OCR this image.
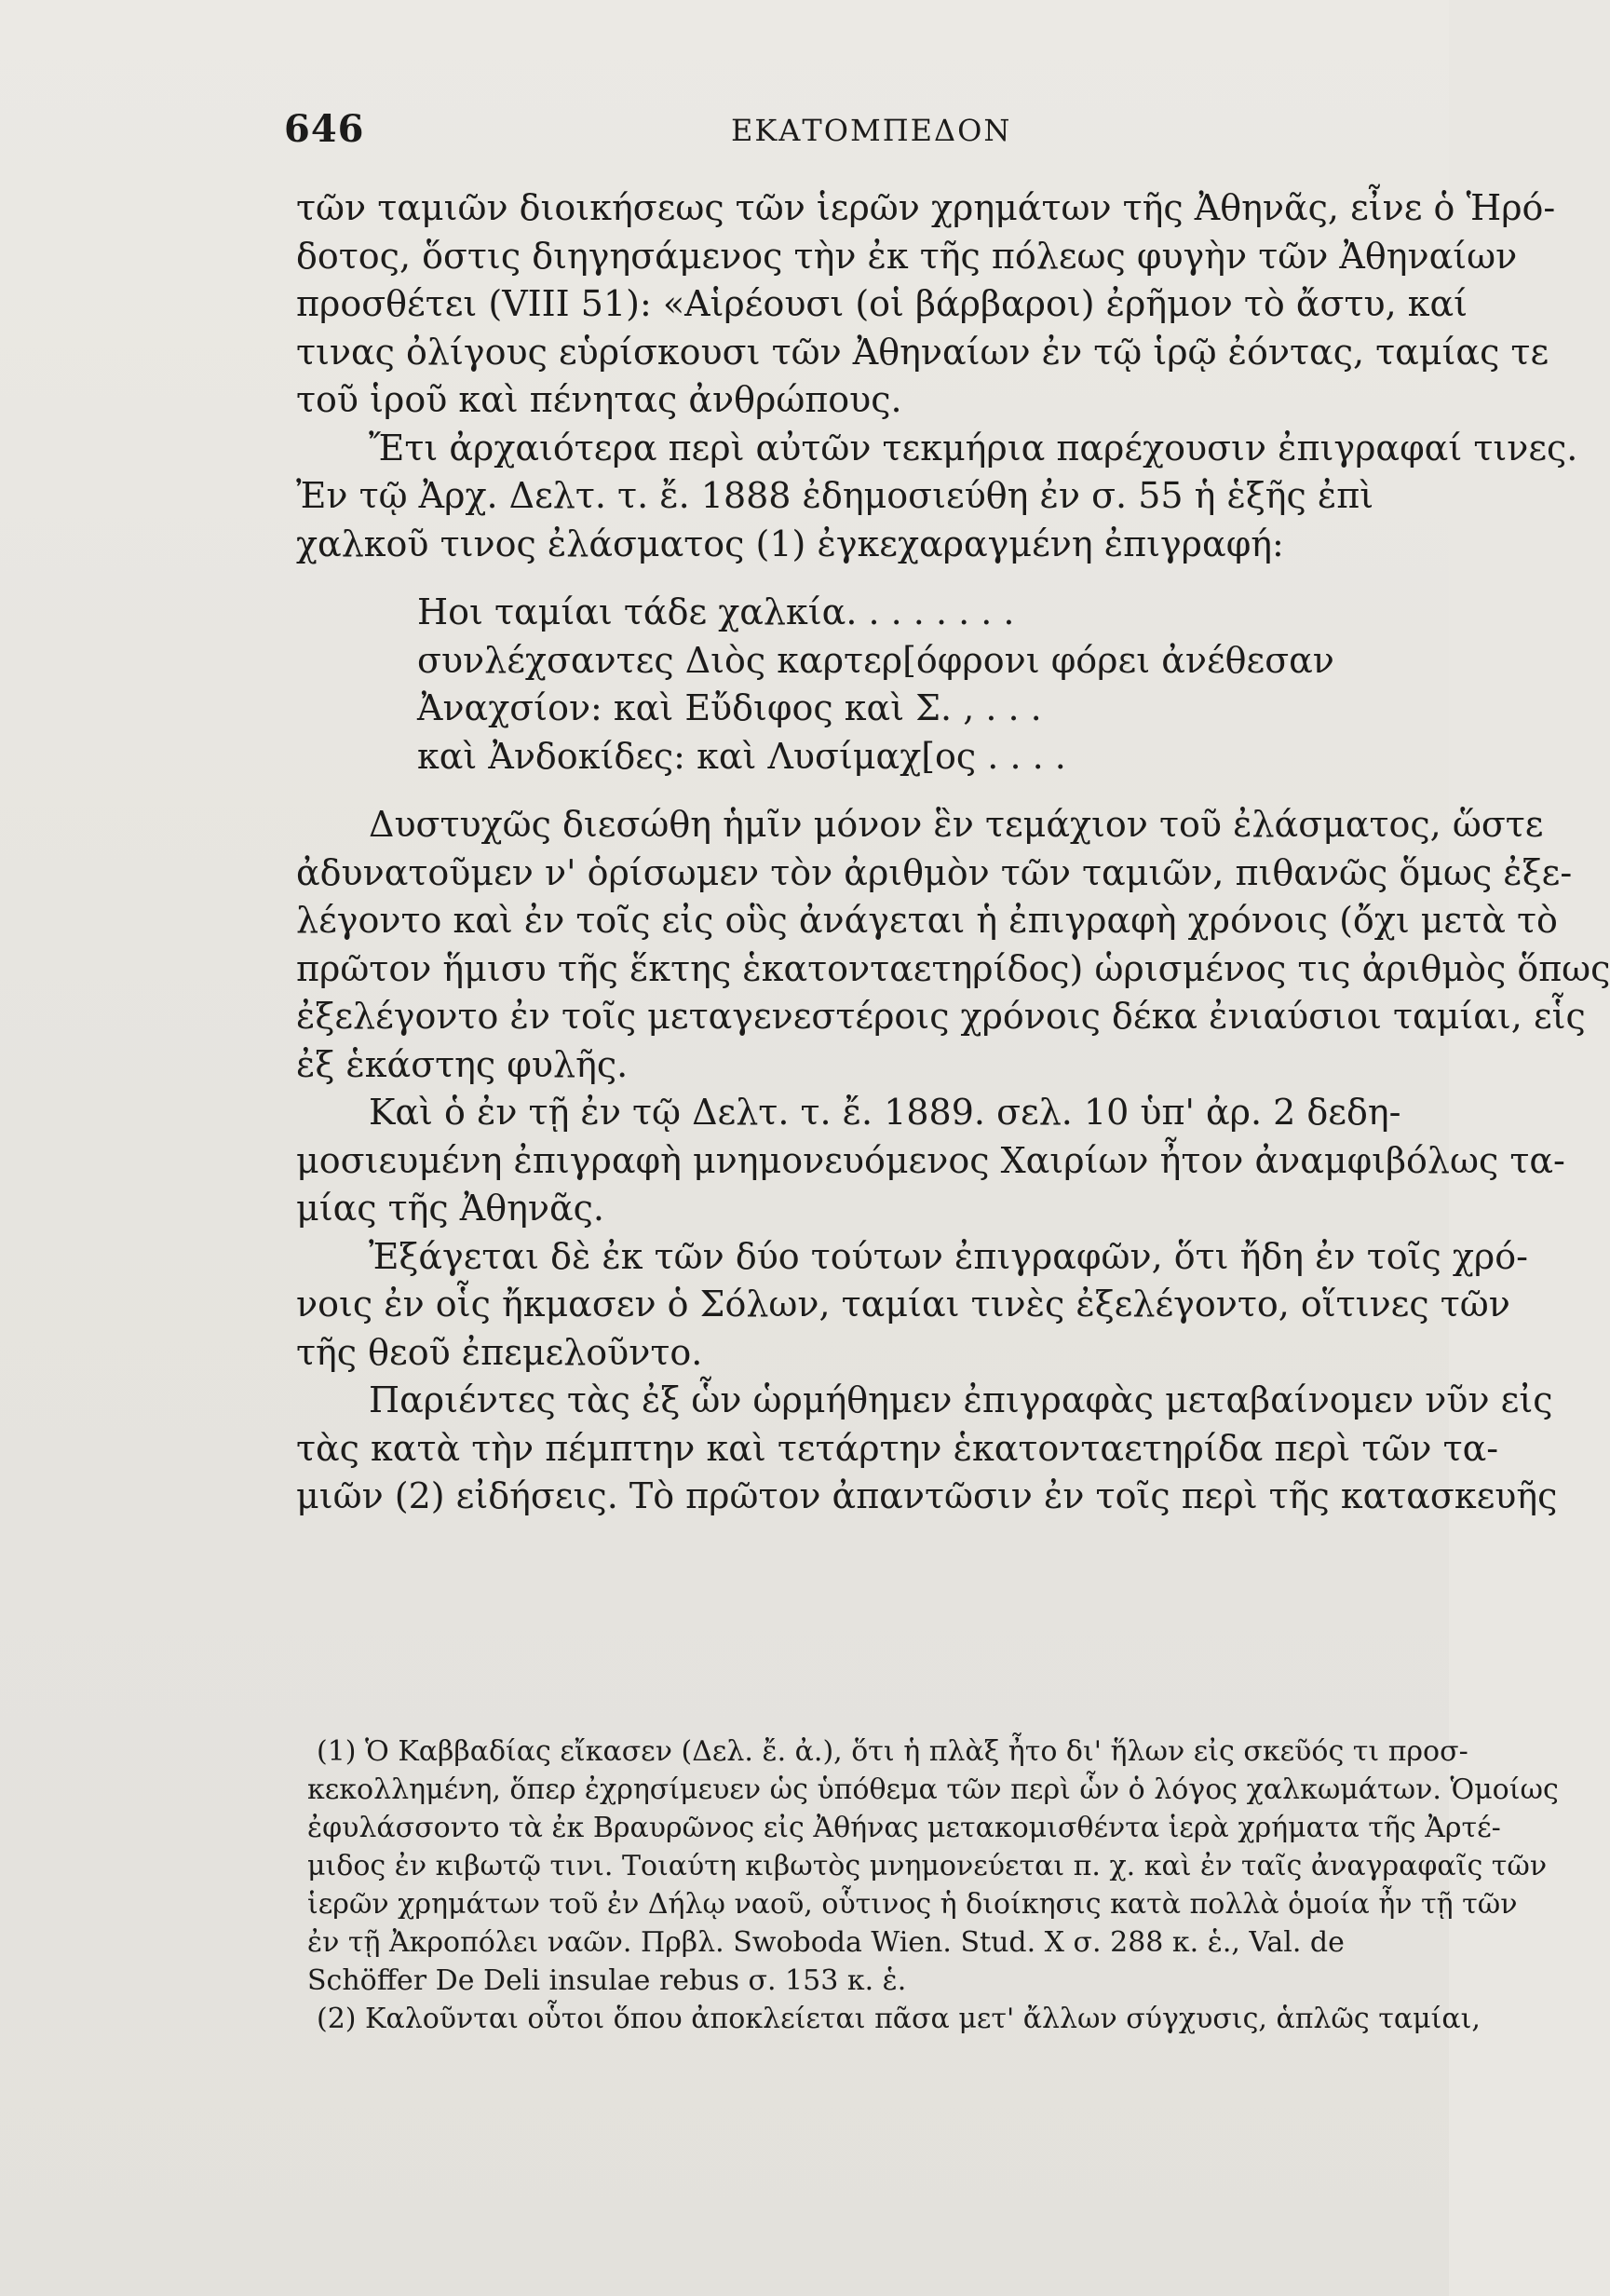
646	ΕΚΑΤΟΜΠΕΔΟΝ
τῶν ταμιῶν διοικήσεως τῶν ἱερῶν χρημάτων τῆς Ἀθηνᾶς, εἶνε ὁ Ἡρό-
δοτος, ὅστις διηγησάμενος τὴν ἐκ τῆς πόλεως φυγὴν τῶν Ἀθηναίων
προσθέτει (VIII 51): «Αἱρέουσι (οἱ βάρβαροι) ἐρῆμον τὸ ἄστυ, καί
τινας ὀλίγους εὑρίσκουσι τῶν Ἀθηναίων ἐν τῷ ἱρῷ ἐόντας, ταμίας τε
τοῦ ἱροῦ καὶ πένητας ἀνθρώπους.
Ἔτι ἀρχαιότερα περὶ αὐτῶν τεκμήρια παρέχουσιν ἐπιγραφαί τινες.
Ἐν τῷ Ἀρχ. Δελτ. τ. ἔ. 1888 ἐδημοσιεύθη ἐν σ. 55 ἡ ἑξῆς ἐπὶ
χαλκοῦ τινος ἐλάσματος (1) ἐγκεχαραγμένη ἐπιγραφή:
Hοι ταμίαι τάδε χαλκία. . . . . . . .
συνλέχσαντες Διὸς καρτερ[όφρονι φόρει ἀνέθεσαν
Ἀναχσίον: καὶ Εὔδιφος καὶ Σ. , . . .
καὶ Ἀνδοκίδες: καὶ Λυσίμαχ[ος . . . .
Δυστυχῶς διεσώθη ἡμῖν μόνον ἓν τεμάχιον τοῦ ἐλάσματος, ὥστε
ἀδυνατοῦμεν ν' ὁρίσωμεν τὸν ἀριθμὸν τῶν ταμιῶν, πιθανῶς ὅμως ἐξε-
λέγοντο καὶ ἐν τοῖς εἰς οὓς ἀνάγεται ἡ ἐπιγραφὴ χρόνοις (ὄχι μετὰ τὸ
πρῶτον ἥμισυ τῆς ἕκτης ἑκατονταετηρίδος) ὡρισμένος τις ἀριθμὸς ὅπως
ἐξελέγοντο ἐν τοῖς μεταγενεστέροις χρόνοις δέκα ἐνιαύσιοι ταμίαι, εἷς
ἐξ ἑκάστης φυλῆς.
Καὶ ὁ ἐν τῇ ἐν τῷ Δελτ. τ. ἔ. 1889. σελ. 10 ὑπ' ἀρ. 2 δεδη-
μοσιευμένη ἐπιγραφὴ μνημονευόμενος Χαιρίων ἦτον ἀναμφιβόλως τα-
μίας τῆς Ἀθηνᾶς.
Ἐξάγεται δὲ ἐκ τῶν δύο τούτων ἐπιγραφῶν, ὅτι ἤδη ἐν τοῖς χρό-
νοις ἐν οἷς ἤκμασεν ὁ Σόλων, ταμίαι τινὲς ἐξελέγοντο, οἵτινες τῶν
τῆς θεοῦ ἐπεμελοῦντο.
Παριέντες τὰς ἐξ ὧν ὡρμήθημεν ἐπιγραφὰς μεταβαίνομεν νῦν εἰς
τὰς κατὰ τὴν πέμπτην καὶ τετάρτην ἑκατονταετηρίδα περὶ τῶν τα-
μιῶν (2) εἰδήσεις. Τὸ πρῶτον ἀπαντῶσιν ἐν τοῖς περὶ τῆς κατασκευῆς
(1) Ὁ Καββαδίας εἴκασεν (Δελ. ἔ. ἀ.), ὅτι ἡ πλὰξ ἦτο δι' ἥλων εἰς σκεῦός τι προσ-
κεκολλημένη, ὅπερ ἐχρησίμευεν ὡς ὑπόθεμα τῶν περὶ ὧν ὁ λόγος χαλκωμάτων. Ὁμοίως
ἐφυλάσσοντο τὰ ἐκ Βραυρῶνος εἰς Ἀθήνας μετακομισθέντα ἱερὰ χρήματα τῆς Ἀρτέ-
μιδος ἐν κιβωτῷ τινι. Τοιαύτη κιβωτὸς μνημονεύεται π. χ. καὶ ἐν ταῖς ἀναγραφαῖς τῶν
ἱερῶν χρημάτων τοῦ ἐν Δήλῳ ναοῦ, οὗτινος ἡ διοίκησις κατὰ πολλὰ ὁμοία ἦν τῇ τῶν
ἐν τῇ Ἀκροπόλει ναῶν. Πρβλ. Swoboda Wien. Stud. X σ. 288 κ. ἑ., Val. de
Schöffer De Deli insulae rebus σ. 153 κ. ἑ.
(2) Καλοῦνται οὗτοι ὅπου ἀποκλείεται πᾶσα μετ' ἄλλων σύγχυσις, ἁπλῶς ταμίαι,
